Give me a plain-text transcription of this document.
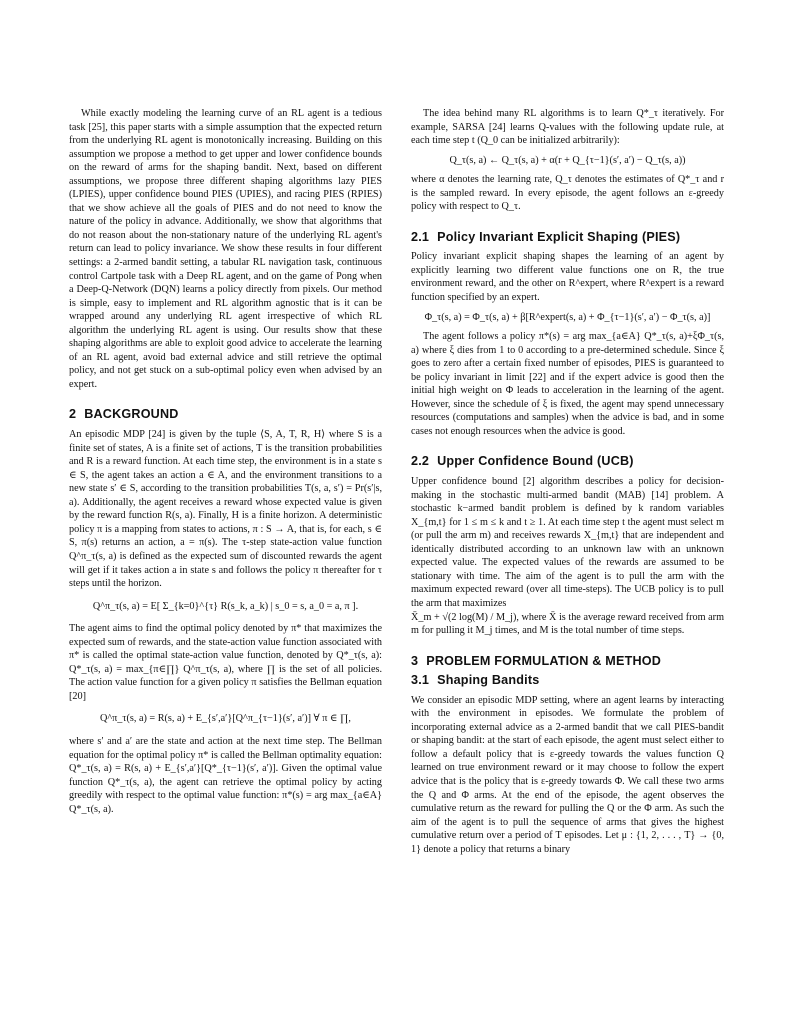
While exactly modeling the learning curve of an RL agent is a tedious task [25], this paper starts with a simple assumption that the expected return from the underlying RL agent is monotonically increasing. Building on this assumption we propose a method to get upper and lower confidence bounds on the reward of arms for the shaping bandit. Next, based on different assumptions, we propose three different shaping algorithms lazy PIES (LPIES), upper confidence bound PIES (UPIES), and racing PIES (RPIES) that we show achieve all the goals of PIES and do not need to know the nature of the policy in advance. Additionally, we show that algorithms that do not reason about the non-stationary nature of the underlying RL agent's return can lead to policy invariance. We show these results in four different settings: a 2-armed bandit setting, a tabular RL navigation task, continuous control Cartpole task with a Deep RL agent, and on the game of Pong when a Deep-Q-Network (DQN) learns a policy directly from pixels. Our method is simple, easy to implement and RL algorithm agnostic that is it can be wrapped around any underlying RL agent irrespective of which RL algorithm the underlying RL agent is using. Our results show that these shaping algorithms are able to exploit good advice to accelerate the learning of an RL agent, avoid bad external advice and still retrieve the optimal policy, and not get stuck on a sub-optimal policy even when advised by an expert.

2 BACKGROUND

An episodic MDP [24] is given by the tuple ⟨S, A, T, R, H⟩ where S is a finite set of states, A is a finite set of actions, T is the transition probabilities and R is a reward function. At each time step, the environment is in a state s ∈ S, the agent takes an action a ∈ A, and the environment transitions to a new state s′ ∈ S, according to the transition probabilities T(s, a, s′) = Pr(s′|s, a). Additionally, the agent receives a reward whose expected value is given by the reward function R(s, a). Finally, H is a finite horizon. A deterministic policy π is a mapping from states to actions, π : S → A, that is, for each, s ∈ S, π(s) returns an action, a = π(s). The τ-step state-action value function Q^π_τ(s, a) is defined as the expected sum of discounted rewards the agent will get if it takes action a in state s and follows the policy π thereafter for τ steps until the horizon.

Q^π_τ(s, a) = E[ Σ_{k=0}^{τ} R(s_k, a_k) | s_0 = s, a_0 = a, π ].

The agent aims to find the optimal policy denoted by π* that maximizes the expected sum of rewards, and the state-action value function associated with π* is called the optimal state-action value function, denoted by Q*_τ(s, a): Q*_τ(s, a) = max_{π∈∏} Q^π_τ(s, a), where ∏ is the set of all policies. The action value function for a given policy π satisfies the Bellman equation [20]

Q^π_τ(s, a) = R(s, a) + E_{s′,a′}[Q^π_{τ−1}(s′, a′)] ∀ π ∈ ∏,

where s′ and a′ are the state and action at the next time step. The Bellman equation for the optimal policy π* is called the Bellman optimality equation: Q*_τ(s, a) = R(s, a) + E_{s′,a′}[Q*_{τ−1}(s′, a′)]. Given the optimal value function Q*_τ(s, a), the agent can retrieve the optimal policy by acting greedily with respect to the optimal value function: π*(s) = arg max_{a∈A} Q*_τ(s, a).

The idea behind many RL algorithms is to learn Q*_τ iteratively. For example, SARSA [24] learns Q-values with the following update rule, at each time step t (Q_0 can be initialized arbitrarily):

Q_τ(s, a) ← Q_τ(s, a) + α(r + Q_{τ−1}(s′, a′) − Q_τ(s, a))

where α denotes the learning rate, Q_τ denotes the estimates of Q*_τ and r is the sampled reward. In every episode, the agent follows an ε-greedy policy with respect to Q_τ.

2.1 Policy Invariant Explicit Shaping (PIES)

Policy invariant explicit shaping shapes the learning of an agent by explicitly learning two different value functions one on R, the true environment reward, and the other on R^expert, where R^expert is a reward function specified by an expert.

Φ_τ(s, a) = Φ_τ(s, a) + β[R^expert(s, a) + Φ_{τ−1}(s′, a′) − Φ_τ(s, a)]

The agent follows a policy π*(s) = arg max_{a∈A} Q*_τ(s, a)+ξΦ_τ(s, a) where ξ dies from 1 to 0 according to a pre-determined schedule. Since ξ goes to zero after a certain fixed number of episodes, PIES is guaranteed to be policy invariant in limit [22] and if the expert advice is good then the initial high weight on Φ leads to acceleration in the learning of the agent. However, since the schedule of ξ is fixed, the agent may spend unnecessary resources (computations and samples) when the advice is bad, and in some cases not enough resources when the advice is good.

2.2 Upper Confidence Bound (UCB)

Upper confidence bound [2] algorithm describes a policy for decision-making in the stochastic multi-armed bandit (MAB) [14] problem. A stochastic k−armed bandit problem is defined by k random variables X_{m,t} for 1 ≤ m ≤ k and t ≥ 1. At each time step t the agent must select m (or pull the arm m) and receives rewards X_{m,t} that are independent and identically distributed according to an unknown law with an unknown expected value. The expected values of the rewards are assumed to be stationary with time. The aim of the agent is to pull the arm with the maximum expected reward (over all time-steps). The UCB policy is to pull the arm that maximizes

X̄_m + √(2 log(M) / M_j), where X̄ is the average reward received from arm m for pulling it M_j times, and M is the total number of time steps.

3 PROBLEM FORMULATION & METHOD
3.1 Shaping Bandits

We consider an episodic MDP setting, where an agent learns by interacting with the environment in episodes. We formulate the problem of incorporating external advice as a 2-armed bandit that we call PIES-bandit or shaping bandit: at the start of each episode, the agent must select either to follow a default policy that is ε-greedy towards the values function Q learned on true environment reward or it may choose to follow the expert advice that is the policy that is ε-greedy towards Φ. We call these two arms the Q and Φ arms. At the end of the episode, the agent observes the cumulative return as the reward for pulling the Q or the Φ arm. As such the aim of the agent is to pull the sequence of arms that gives the highest cumulative return over a period of T episodes. Let μ : {1, 2, . . . , T} → {0, 1} denote a policy that returns a binary
